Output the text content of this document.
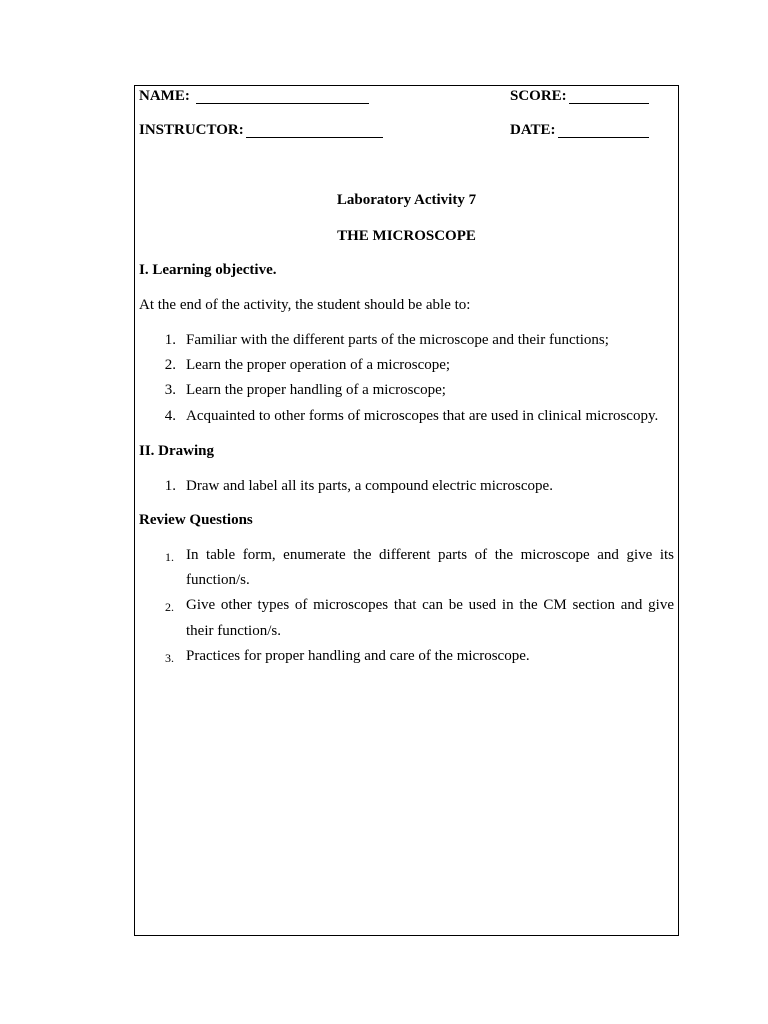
NAME:	SCORE:
INSTRUCTOR:	DATE:
Laboratory Activity 7
THE MICROSCOPE
I. Learning objective.
At the end of the activity, the student should be able to:
1. Familiar with the different parts of the microscope and their functions;
2. Learn the proper operation of a microscope;
3. Learn the proper handling of a microscope;
4. Acquainted to other forms of microscopes that are used in clinical microscopy.
II. Drawing
1. Draw and label all its parts, a compound electric microscope.
Review Questions
1. In table form, enumerate the different parts of the microscope and give its
function/s.
2. Give other types of microscopes that can be used in the CM section and give
their function/s.
3. Practices for proper handling and care of the microscope.
